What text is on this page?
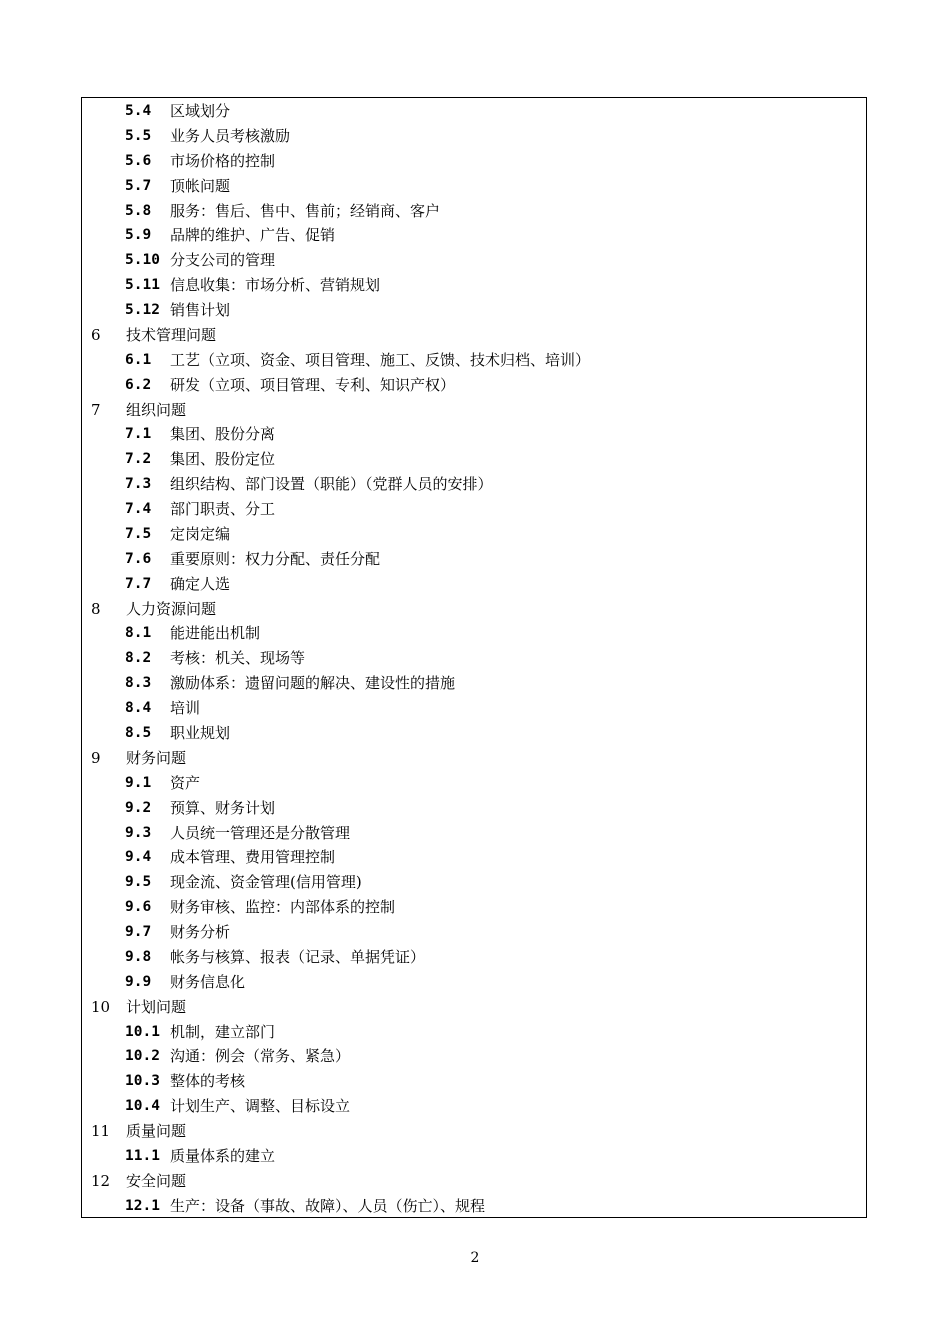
5.4 区域划分
5.5 业务人员考核激励
5.6 市场价格的控制
5.7 顶帐问题
5.8 服务：售后、售中、售前；经销商、客户
5.9 品牌的维护、广告、促销
5.10 分支公司的管理
5.11 信息收集：市场分析、营销规划
5.12 销售计划
6 技术管理问题
6.1 工艺（立项、资金、项目管理、施工、反馈、技术归档、培训）
6.2 研发（立项、项目管理、专利、知识产权）
7 组织问题
7.1 集团、股份分离
7.2 集团、股份定位
7.3 组织结构、部门设置（职能）（党群人员的安排）
7.4 部门职责、分工
7.5 定岗定编
7.6 重要原则：权力分配、责任分配
7.7 确定人选
8 人力资源问题
8.1 能进能出机制
8.2 考核：机关、现场等
8.3 激励体系：遗留问题的解决、建设性的措施
8.4 培训
8.5 职业规划
9 财务问题
9.1 资产
9.2 预算、财务计划
9.3 人员统一管理还是分散管理
9.4 成本管理、费用管理控制
9.5 现金流、资金管理(信用管理)
9.6 财务审核、监控：内部体系的控制
9.7 财务分析
9.8 帐务与核算、报表（记录、单据凭证）
9.9 财务信息化
10 计划问题
10.1 机制，建立部门
10.2 沟通：例会（常务、紧急）
10.3 整体的考核
10.4 计划生产、调整、目标设立
11 质量问题
11.1 质量体系的建立
12 安全问题
12.1 生产：设备（事故、故障）、人员（伤亡）、规程
2
